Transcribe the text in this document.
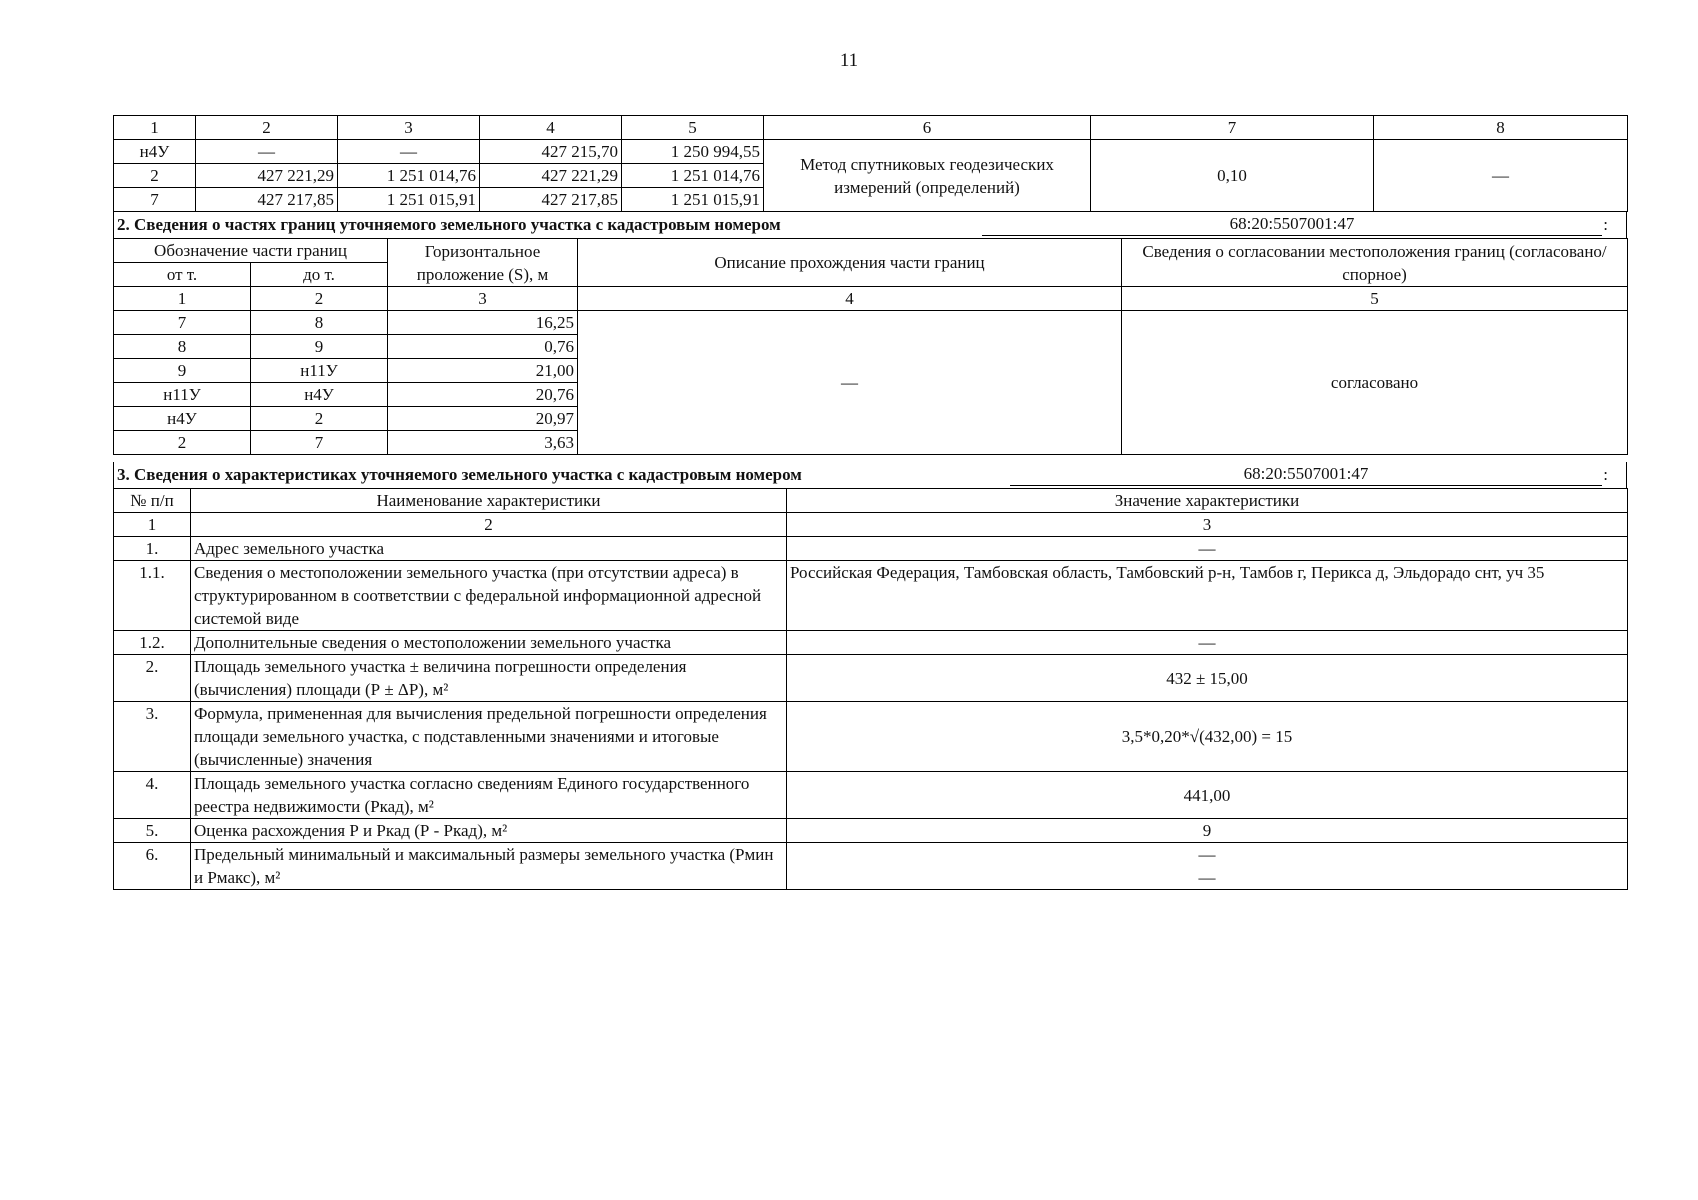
11
1	2	3	4	5	6	7	8
н4У	—	—	427 215,70	1 250 994,55	Метод спутниковых геодезических измерений (определений)	0,10	—
2	427 221,29	1 251 014,76	427 221,29	1 251 014,76			
7	427 217,85	1 251 015,91	427 217,85	1 251 015,91			
2. Сведения о частях границ уточняемого земельного участка с кадастровым номером	68:20:5507001:47	:
Обозначение части границ		Горизонтальное проложение (S), м	Описание прохождения части границ	Сведения о согласовании местоположения границ (согласовано/спорное)
от т.	до т.			
1	2	3	4	5
7	8	16,25	—	согласовано
8	9	0,76		
9	н11У	21,00		
н11У	н4У	20,76		
н4У	2	20,97		
2	7	3,63		
3. Сведения о характеристиках уточняемого земельного участка с кадастровым номером	68:20:5507001:47	:
№ п/п	Наименование характеристики	Значение характеристики
1	2	3
1.	Адрес земельного участка	—
1.1.	Сведения о местоположении земельного участка (при отсутствии адреса) в структурированном в соответствии с федеральной информационной адресной системой виде	Российская Федерация, Тамбовская область, Тамбовский р-н, Тамбов г, Перикса д, Эльдорадо снт, уч 35
1.2.	Дополнительные сведения о местоположении земельного участка	—
2.	Площадь земельного участка ± величина погрешности определения (вычисления) площади (Р ± ΔР), м²	432 ± 15,00
3.	Формула, примененная для вычисления предельной погрешности определения площади земельного участка, с подставленными значениями и итоговые (вычисленные) значения	3,5*0,20*√(432,00) = 15
4.	Площадь земельного участка согласно сведениям Единого государственного реестра недвижимости (Ркад), м²	441,00
5.	Оценка расхождения Р и Ркад (Р - Ркад), м²	9
6.	Предельный минимальный и максимальный размеры земельного участка (Рмин и Рмакс), м²	—
—
